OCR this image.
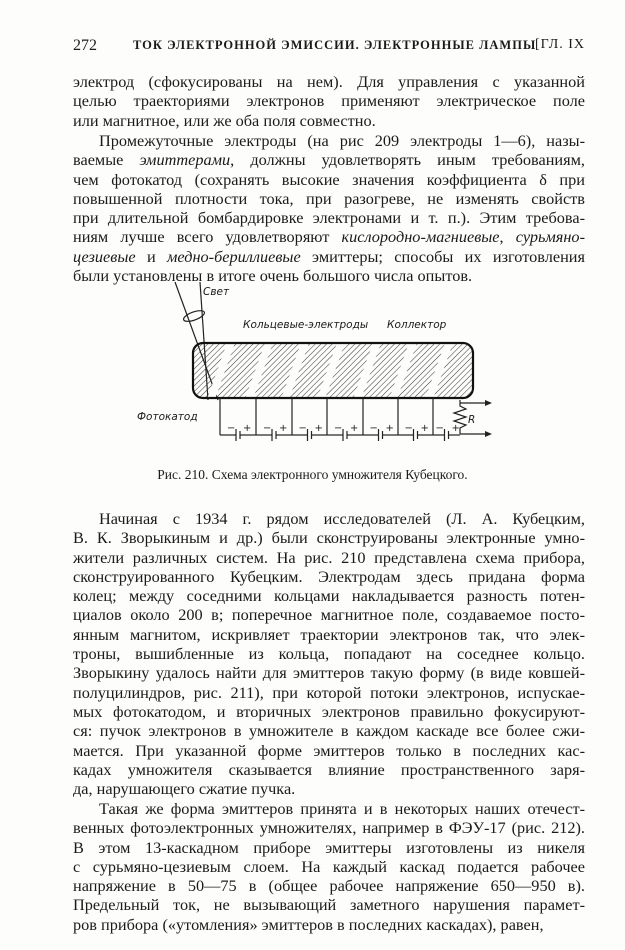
272	ТОК ЭЛЕКТРОННОЙ ЭМИССИИ. ЭЛЕКТРОННЫЕ ЛАМПЫ
[ГЛ. IX
электрод (сфокусированы на нем). Для управления с указанной
целью траекториями электронов применяют электрическое поле
или магнитное, или же оба поля совместно.
Промежуточные электроды (на рис 209 электроды 1—6), назы-
ваемые эмиттерами, должны удовлетворять иным требованиям,
чем фотокатод (сохранять высокие значения коэффициента δ при
повышенной плотности тока, при разогреве, не изменять свойств
при длительной бомбардировке электронами и т. п.). Этим требова-
ниям лучше всего удовлетворяют кислородно-магниевые, сурьмяно-
цезиевые и медно-бериллиевые эмиттеры; способы их изготовления
были установлены в итоге очень большого числа опытов.
− + − + − + − + − + − + − +
Свет
Кольцевые-электроды Коллектор
Фотокатод	R
Рис. 210. Схема электронного умножителя Кубецкого.
Начиная с 1934 г. рядом исследователей (Л. А. Кубецким,
В. К. Зворыкиным и др.) были сконструированы электронные умно-
жители различных систем. На рис. 210 представлена схема прибора,
сконструированного Кубецким. Электродам здесь придана форма
колец; между соседними кольцами накладывается разность потен-
циалов около 200 в; поперечное магнитное поле, создаваемое посто-
янным магнитом, искривляет траектории электронов так, что элек-
троны, вышибленные из кольца, попадают на соседнее кольцо.
Зворыкину удалось найти для эмиттеров такую форму (в виде ковшей-
полуцилиндров, рис. 211), при которой потоки электронов, испускае-
мых фотокатодом, и вторичных электронов правильно фокусируют-
ся: пучок электронов в умножителе в каждом каскаде все более сжи-
мается. При указанной форме эмиттеров только в последних кас-
кадах умножителя сказывается влияние пространственного заря-
да, нарушающего сжатие пучка.
Такая же форма эмиттеров принята и в некоторых наших отечест-
венных фотоэлектронных умножителях, например в ФЭУ-17 (рис. 212).
В этом 13-каскадном приборе эмиттеры изготовлены из никеля
с сурьмяно-цезиевым слоем. На каждый каскад подается рабочее
напряжение в 50—75 в (общее рабочее напряжение 650—950 в).
Предельный ток, не вызывающий заметного нарушения парамет-
ров прибора («утомления» эмиттеров в последних каскадах), равен,
